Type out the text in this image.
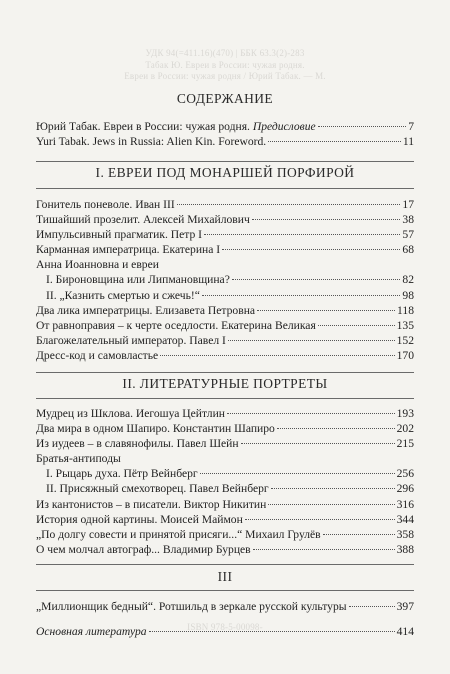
УДК 94(=411.16)(470) | ББК 63.3(2)-283
Табак Ю. Евреи в России: чужая родня.
Евреи в России: чужая родня / Юрий Табак. — М.
ISBN 978-5-00098-
СОДЕРЖАНИЕ
Юрий Табак. Евреи в России: чужая родня. Предисловие	7
Yuri Tabak. Jews in Russia: Alien Kin. Foreword.	11
I. ЕВРЕИ ПОД МОНАРШЕЙ ПОРФИРОЙ
Гонитель поневоле. Иван III	17
Тишайший прозелит. Алексей Михайлович	38
Импульсивный прагматик. Петр I	57
Карманная императрица. Екатерина I	68
Анна Иоанновна и евреи
I. Бироновщина или Липмановщина?	82
II. „Казнить смертью и сжечь!“	98
Два лика императрицы. Елизавета Петровна	118
От равноправия – к черте оседлости. Екатерина Великая	135
Благожелательный император. Павел I	152
Дресс-код и самовластье	170
II. ЛИТЕРАТУРНЫЕ ПОРТРЕТЫ
Мудрец из Шклова. Иегошуа Цейтлин	193
Два мира в одном Шапиро. Константин Шапиро	202
Из иудеев – в славянофилы. Павел Шейн	215
Братья-антиподы
I. Рыцарь духа. Пётр Вейнберг	256
II. Присяжный смехотворец. Павел Вейнберг	296
Из кантонистов – в писатели. Виктор Никитин	316
История одной картины. Моисей Маймон	344
„По долгу совести и принятой присяги...“ Михаил Грулёв	358
О чем молчал автограф... Владимир Бурцев	388
III
„Миллионщик бедный“. Ротшильд в зеркале русской культуры	397
Основная литература	414
